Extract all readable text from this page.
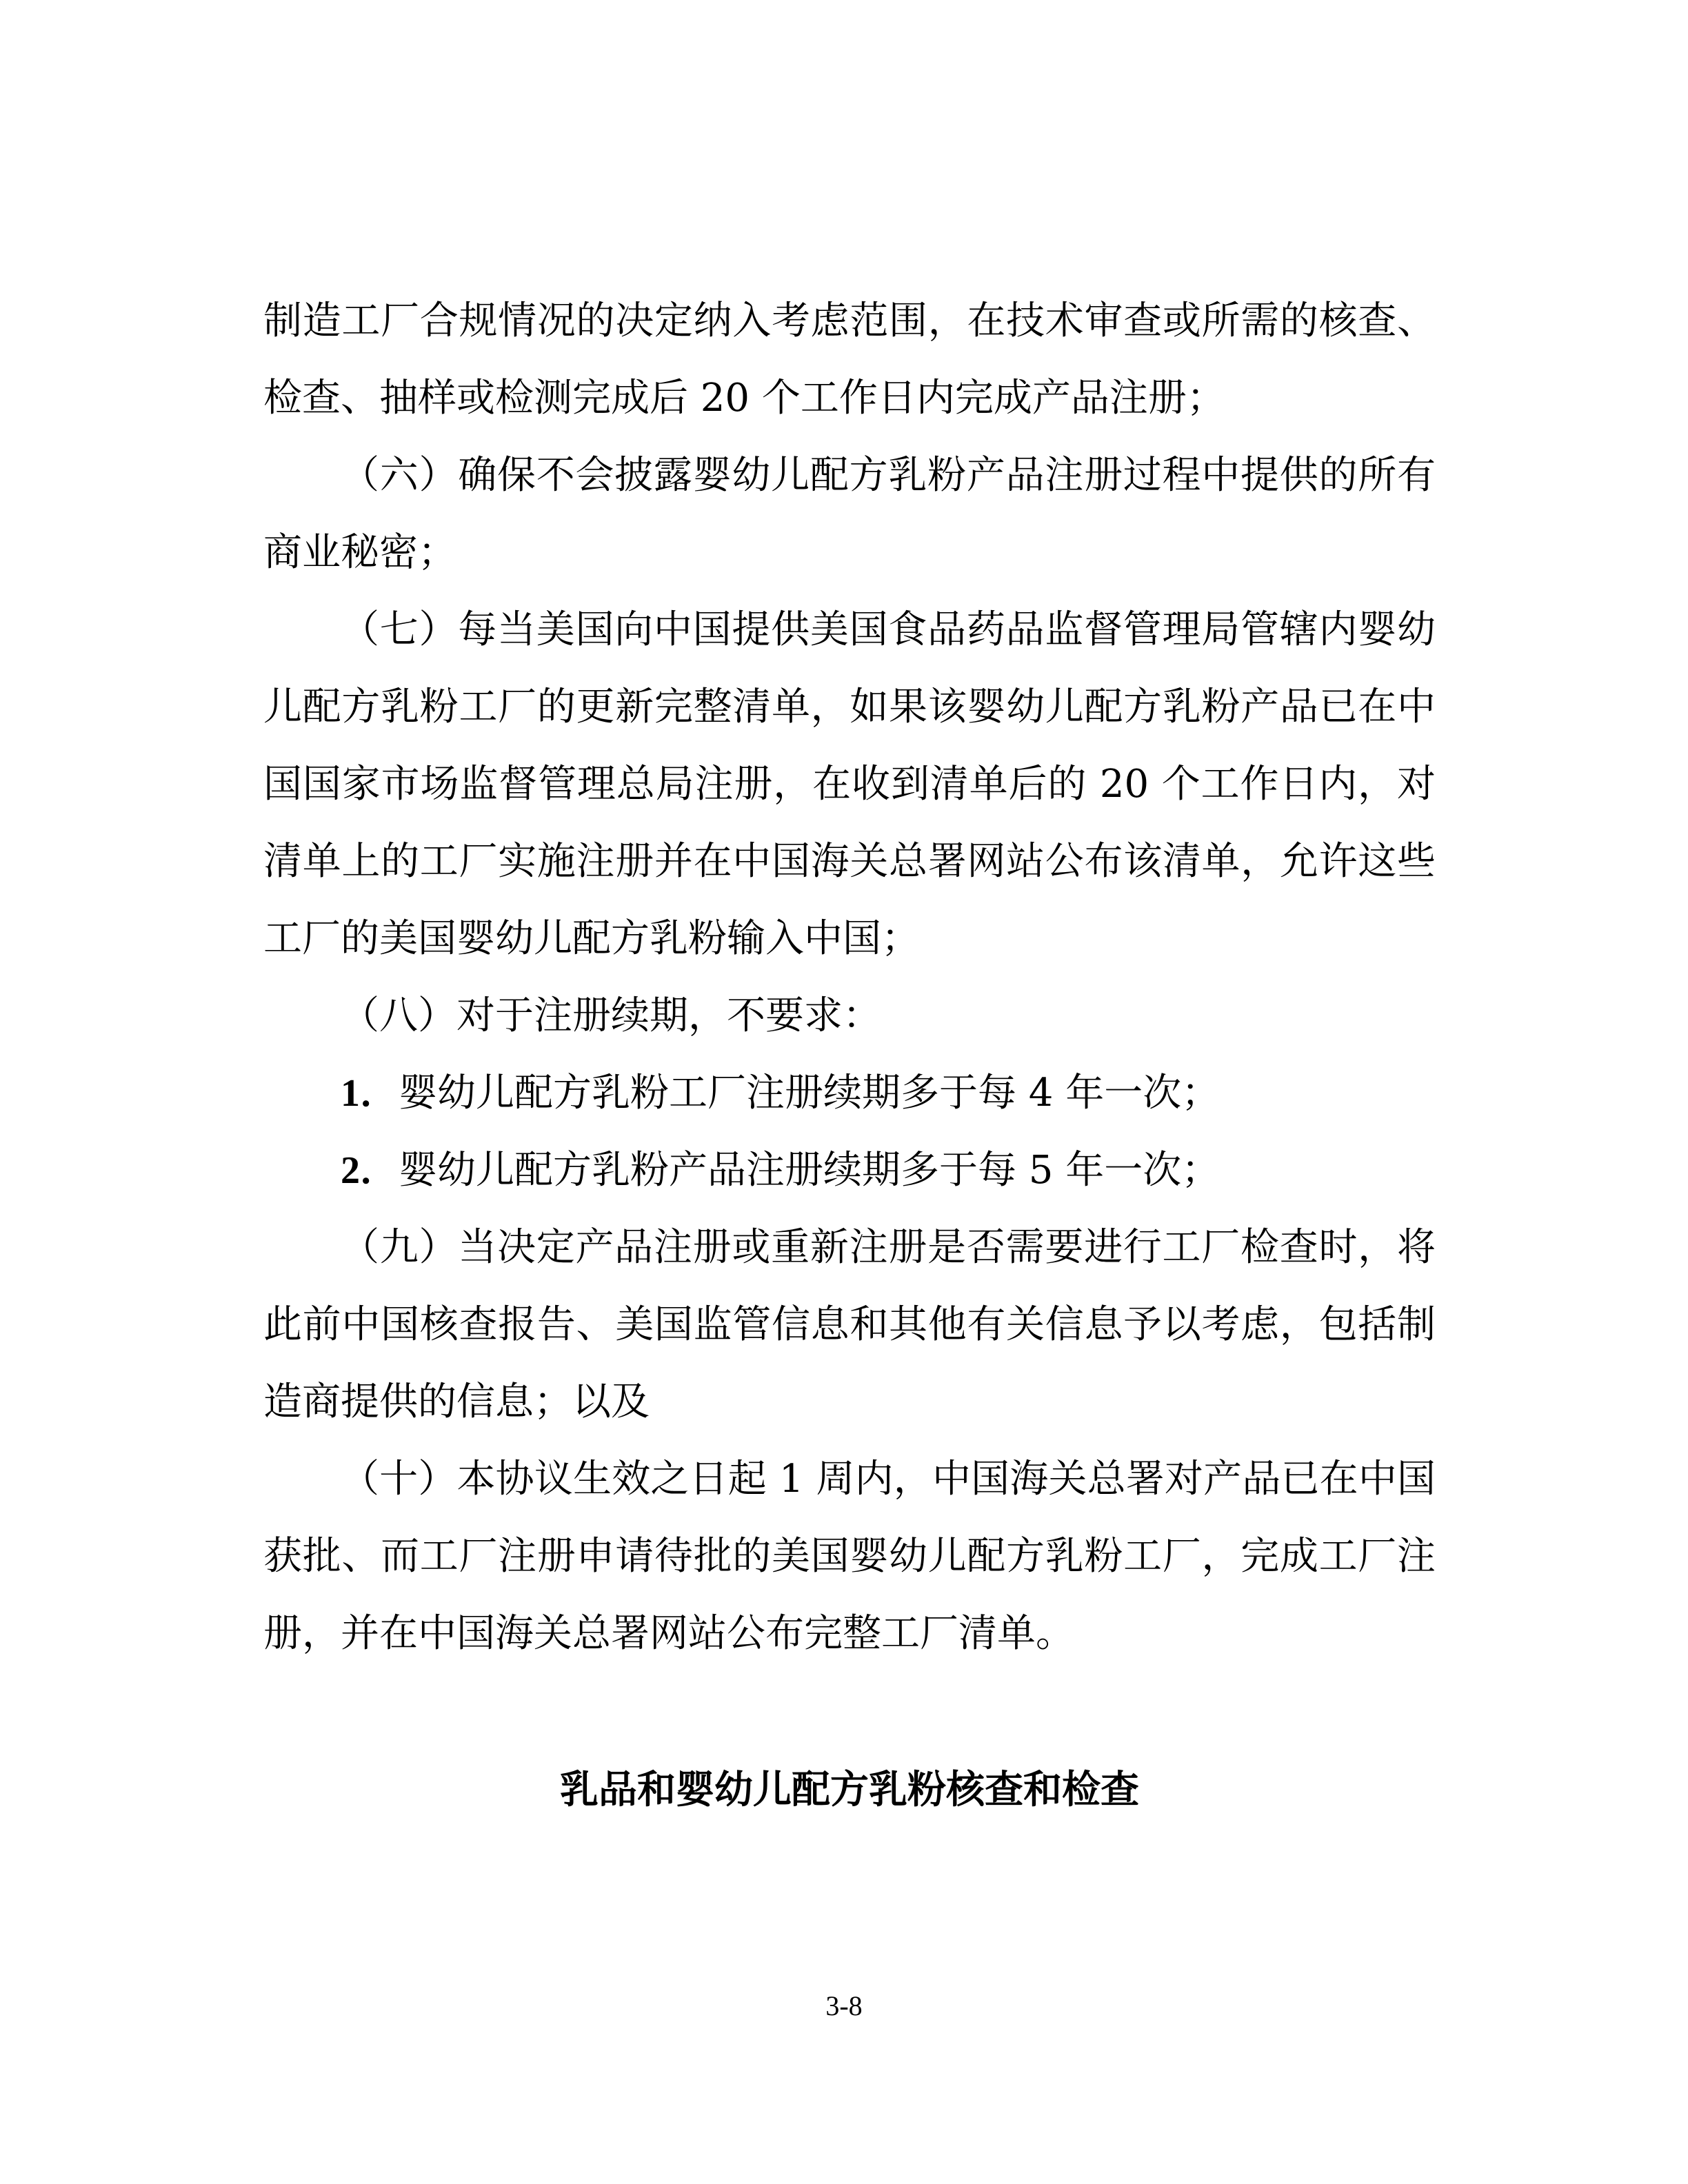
制造工厂合规情况的决定纳入考虑范围，在技术审查或所需的核查、检查、抽样或检测完成后 20 个工作日内完成产品注册；

（六）确保不会披露婴幼儿配方乳粉产品注册过程中提供的所有商业秘密；

（七）每当美国向中国提供美国食品药品监督管理局管辖内婴幼儿配方乳粉工厂的更新完整清单，如果该婴幼儿配方乳粉产品已在中国国家市场监督管理总局注册，在收到清单后的 20 个工作日内，对清单上的工厂实施注册并在中国海关总署网站公布该清单，允许这些工厂的美国婴幼儿配方乳粉输入中国；

（八）对于注册续期，不要求：

1．婴幼儿配方乳粉工厂注册续期多于每 4 年一次；

2．婴幼儿配方乳粉产品注册续期多于每 5 年一次；

（九）当决定产品注册或重新注册是否需要进行工厂检查时，将此前中国核查报告、美国监管信息和其他有关信息予以考虑，包括制造商提供的信息；以及

（十）本协议生效之日起 1 周内，中国海关总署对产品已在中国获批、而工厂注册申请待批的美国婴幼儿配方乳粉工厂，完成工厂注册，并在中国海关总署网站公布完整工厂清单。

乳品和婴幼儿配方乳粉核查和检查
3-8
